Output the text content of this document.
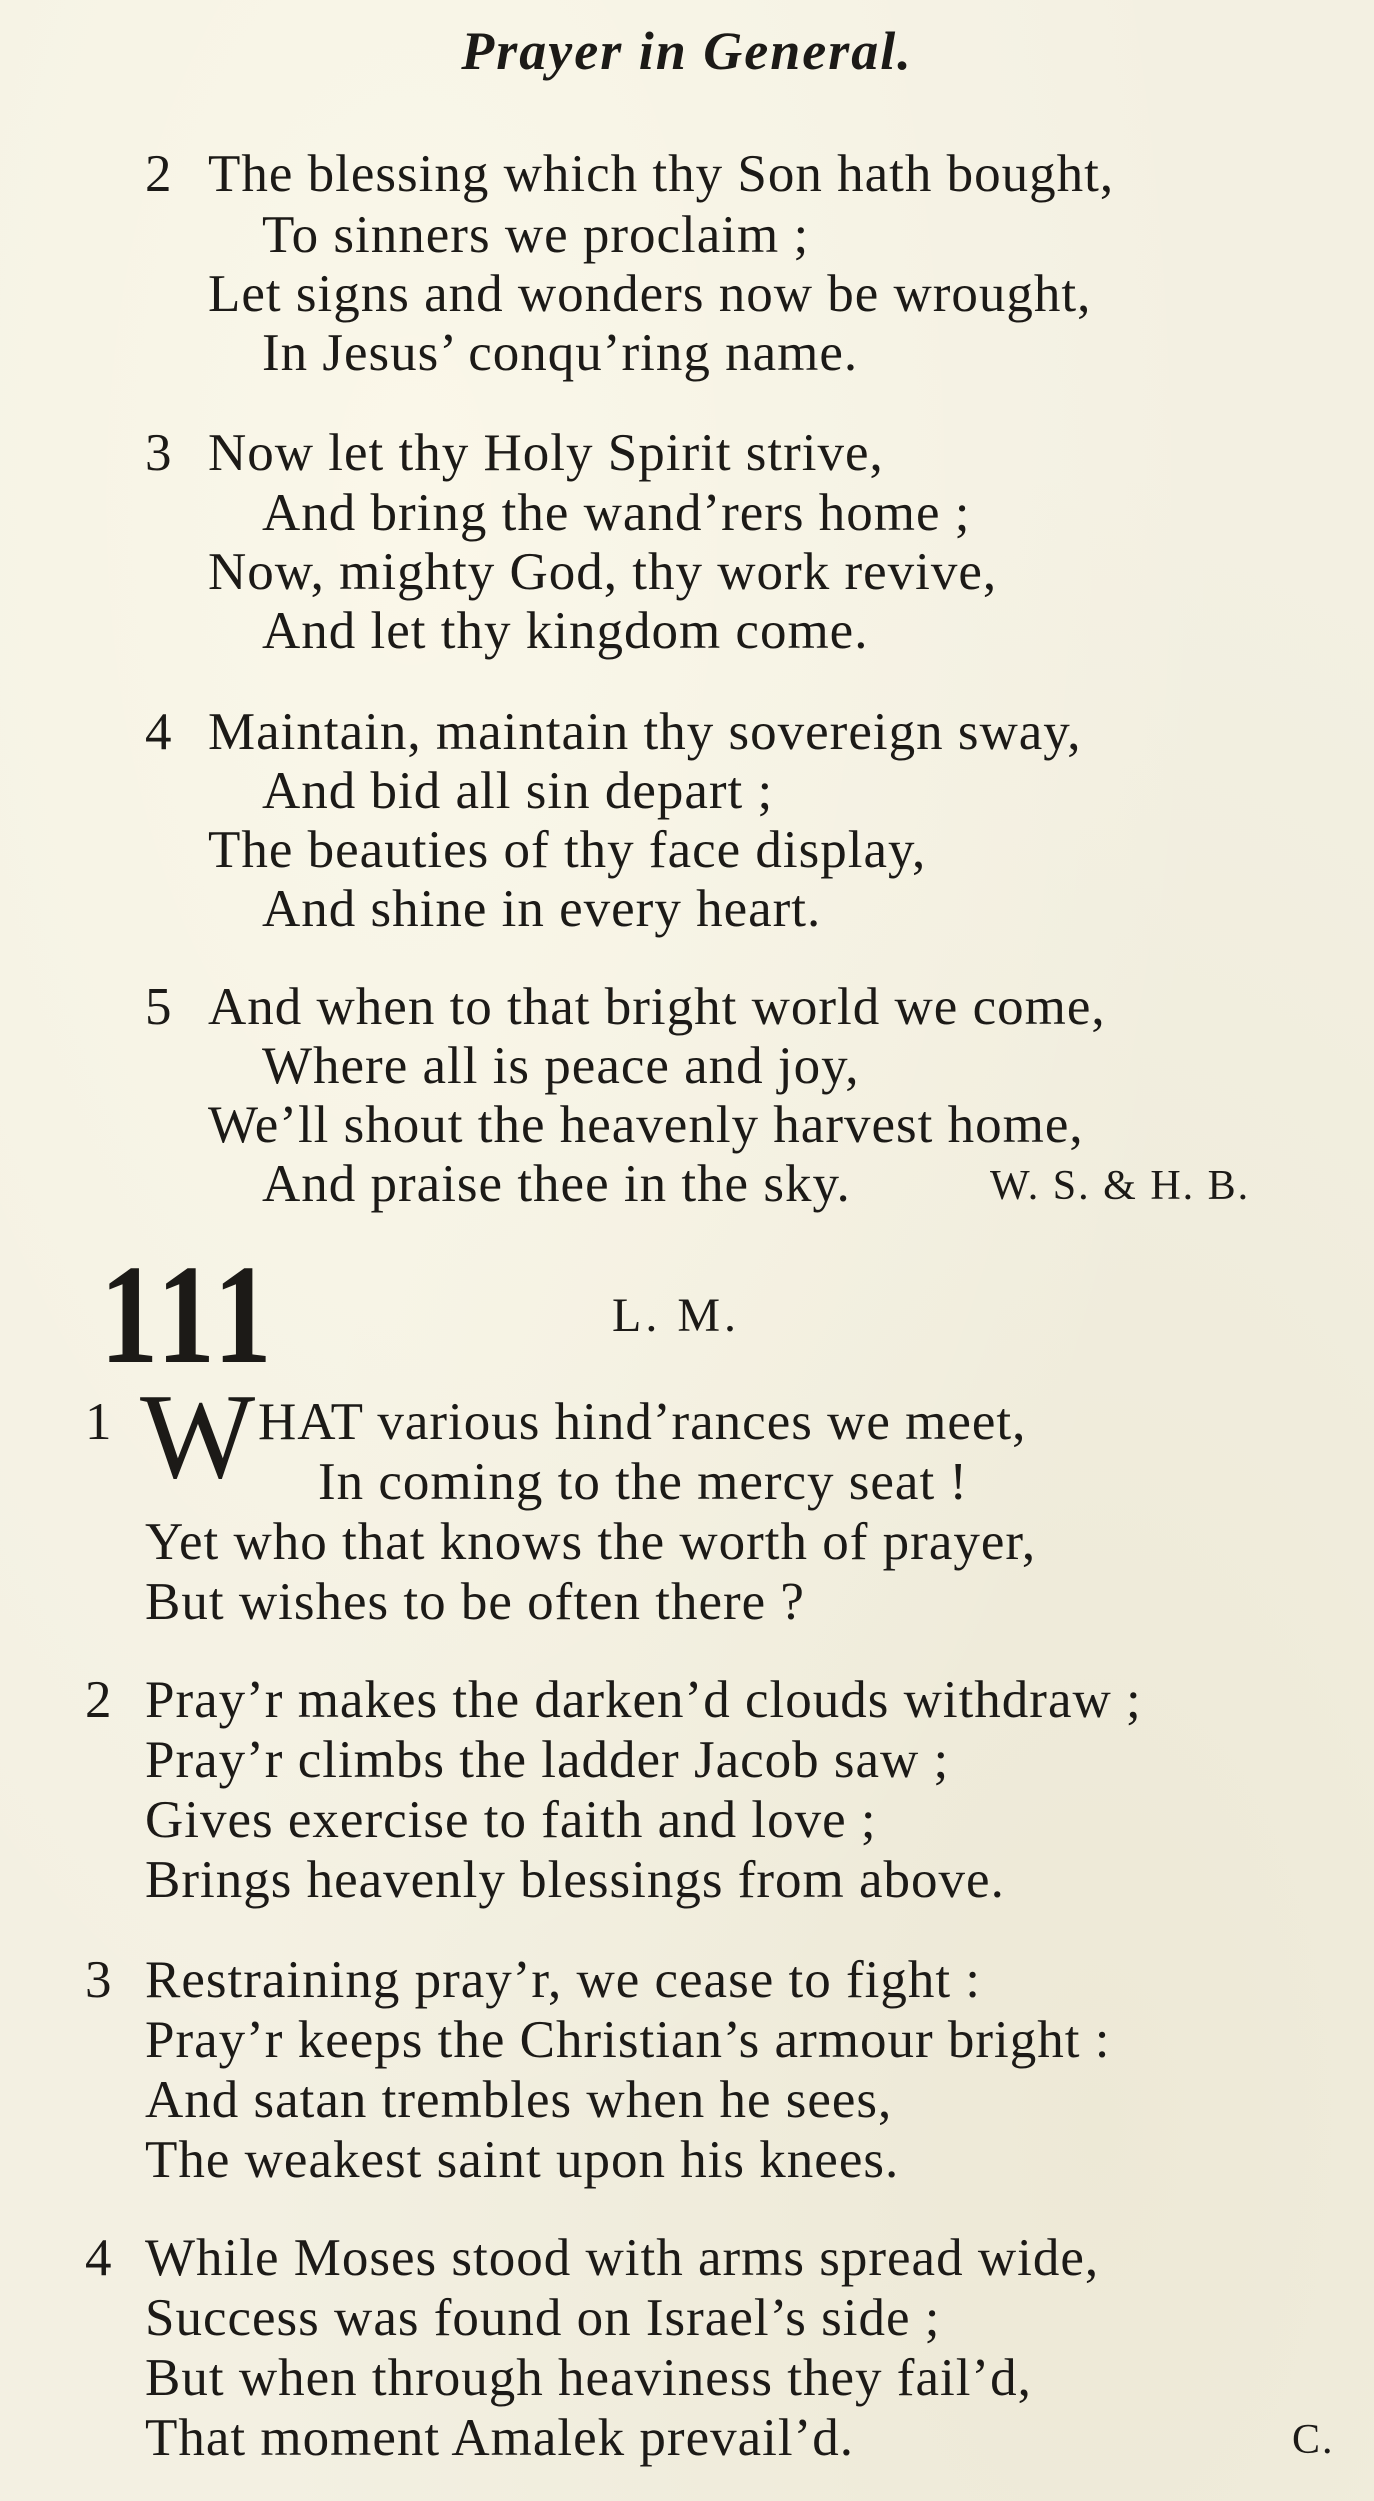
Prayer in General.
2 The blessing which thy Son hath bought,
To sinners we proclaim ;
Let signs and wonders now be wrought,
In Jesus’ conqu’ring name.
3 Now let thy Holy Spirit strive,
And bring the wand’rers home ;
Now, mighty God, thy work revive,
And let thy kingdom come.
4 Maintain, maintain thy sovereign sway,
And bid all sin depart ;
The beauties of thy face display,
And shine in every heart.
5 And when to that bright world we come,
Where all is peace and joy,
We’ll shout the heavenly harvest home,
And praise thee in the sky.	W. S. & H. B.
111	L. M.
1 W HAT various hind’rances we meet,
In coming to the mercy seat !
Yet who that knows the worth of prayer,
But wishes to be often there ?
2 Pray’r makes the darken’d clouds withdraw ;
Pray’r climbs the ladder Jacob saw ;
Gives exercise to faith and love ;
Brings heavenly blessings from above.
3 Restraining pray’r, we cease to fight :
Pray’r keeps the Christian’s armour bright :
And satan trembles when he sees,
The weakest saint upon his knees.
4 While Moses stood with arms spread wide,
Success was found on Israel’s side ;
But when through heaviness they fail’d,
That moment Amalek prevail’d.	C.
